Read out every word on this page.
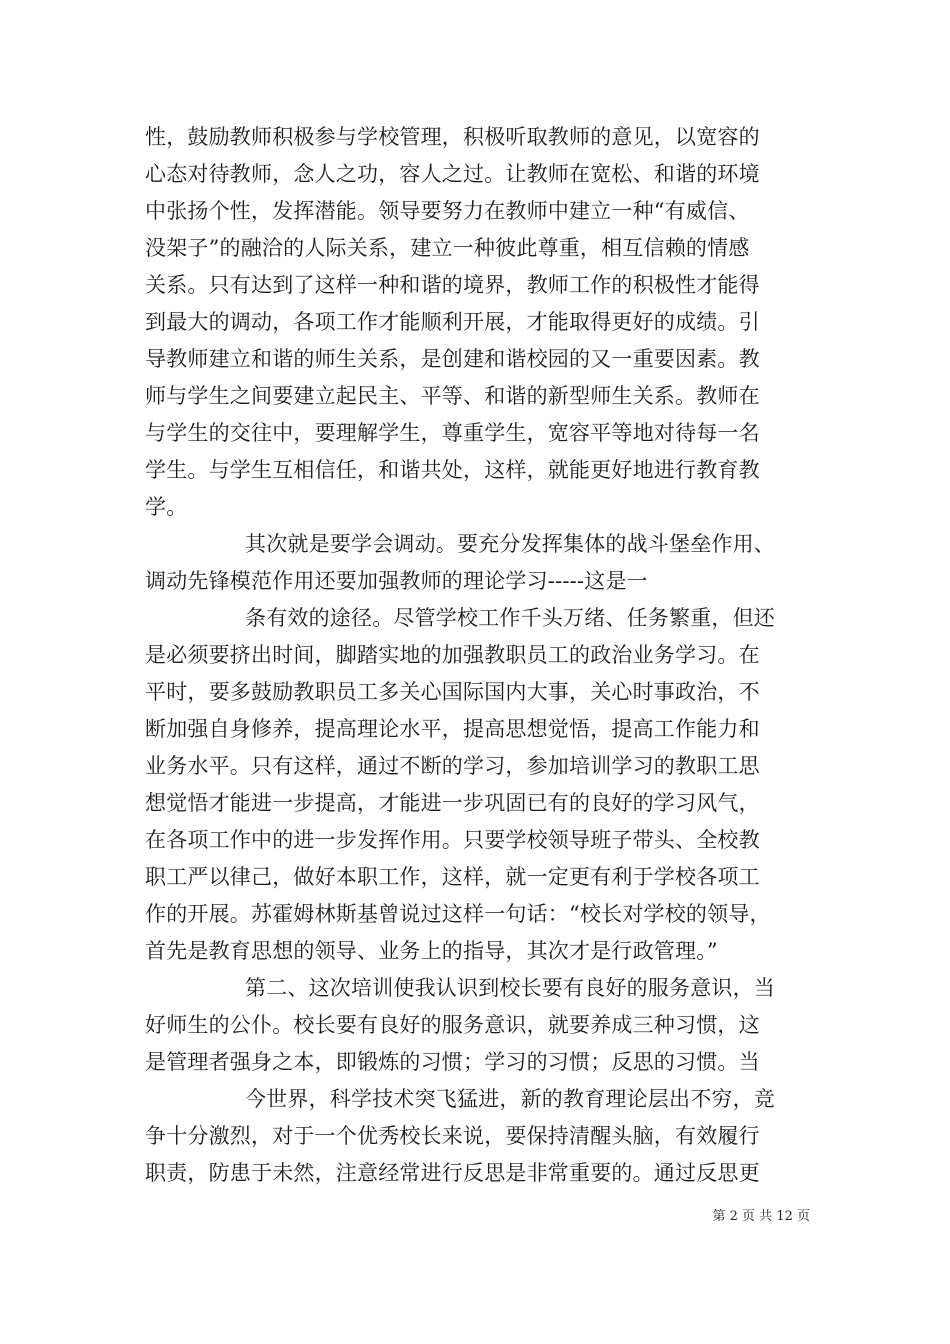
性，鼓励教师积极参与学校管理，积极听取教师的意见，以宽容的
心态对待教师，念人之功，容人之过。让教师在宽松、和谐的环境
中张扬个性，发挥潜能。领导要努力在教师中建立一种“有威信、
没架子”的融洽的人际关系，建立一种彼此尊重，相互信赖的情感
关系。只有达到了这样一种和谐的境界，教师工作的积极性才能得
到最大的调动，各项工作才能顺利开展，才能取得更好的成绩。引
导教师建立和谐的师生关系，是创建和谐校园的又一重要因素。教
师与学生之间要建立起民主、平等、和谐的新型师生关系。教师在
与学生的交往中，要理解学生，尊重学生，宽容平等地对待每一名
学生。与学生互相信任，和谐共处，这样，就能更好地进行教育教
学。
其次就是要学会调动。要充分发挥集体的战斗堡垒作用、
调动先锋模范作用还要加强教师的理论学习-----这是一
条有效的途径。尽管学校工作千头万绪、任务繁重，但还
是必须要挤出时间，脚踏实地的加强教职员工的政治业务学习。在
平时，要多鼓励教职员工多关心国际国内大事，关心时事政治，不
断加强自身修养，提高理论水平，提高思想觉悟，提高工作能力和
业务水平。只有这样，通过不断的学习，参加培训学习的教职工思
想觉悟才能进一步提高，才能进一步巩固已有的良好的学习风气，
在各项工作中的进一步发挥作用。只要学校领导班子带头、全校教
职工严以律己，做好本职工作，这样，就一定更有利于学校各项工
作的开展。苏霍姆林斯基曾说过这样一句话：“校长对学校的领导，
首先是教育思想的领导、业务上的指导，其次才是行政管理。”
第二、这次培训使我认识到校长要有良好的服务意识，当
好师生的公仆。校长要有良好的服务意识，就要养成三种习惯，这
是管理者强身之本，即锻炼的习惯；学习的习惯；反思的习惯。当
今世界，科学技术突飞猛进，新的教育理论层出不穷，竞
争十分激烈，对于一个优秀校长来说，要保持清醒头脑，有效履行
职责，防患于未然，注意经常进行反思是非常重要的。通过反思更
第 2 页 共 12 页
